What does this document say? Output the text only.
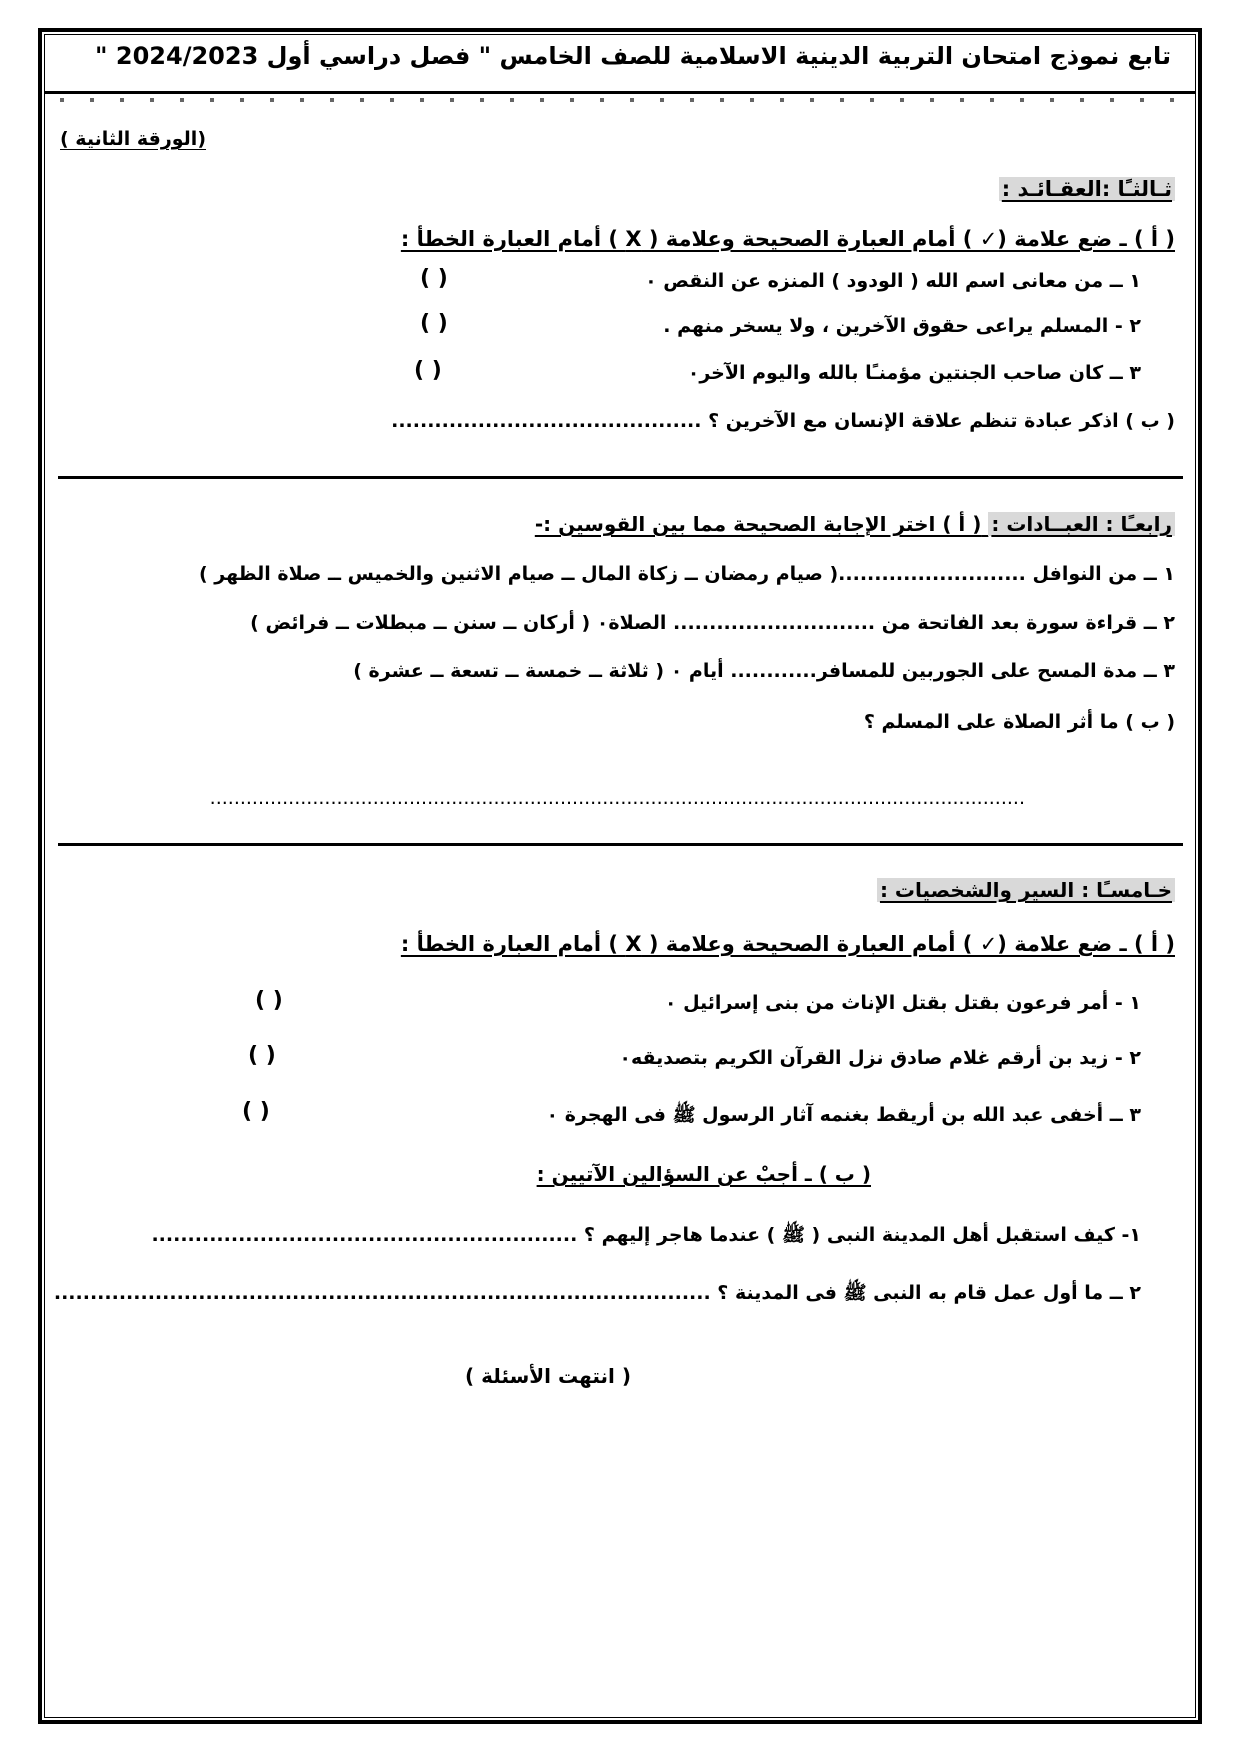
تابع نموذج امتحان التربية الدينية الاسلامية للصف الخامس " فصل دراسي أول 2024/2023 "
(الورقة الثانية )
ثـالثـًا :العقـائـد :
( أ ) ـ ضع علامة (✓ ) أمام العبارة الصحيحة وعلامة ( X ) أمام العبارة الخطأ :
١ ــ من معانى اسم الله ( الودود ) المنزه عن النقص ٠
( )
٢ - المسلم يراعى حقوق الآخرين ، ولا يسخر منهم .
( )
٣ ــ كان صاحب الجنتين مؤمنـًا بالله واليوم الآخر٠
( )
( ب ) اذكر عبادة تنظم علاقة الإنسان مع الآخرين ؟ ...........................................
رابعـًا : العبــادات : ( أ ) اختر الإجابة الصحيحة مما بين القوسين :-
١ ــ من النوافل ..........................( صيام رمضان ــ زكاة المال ــ صيام الاثنين والخميس ــ صلاة الظهر )
٢ ــ قراءة سورة بعد الفاتحة من ............................ الصلاة٠ ( أركان ــ سنن ــ مبطلات ــ فرائض )
٣ ــ مدة المسح على الجوربين للمسافر............ أيام ٠ ( ثلاثة ــ خمسة ــ تسعة ــ عشرة )
( ب ) ما أثر الصلاة على المسلم ؟
.......................................................................................................................................
خـامسـًا : السير والشخصيات :
( أ ) ـ ضع علامة (✓ ) أمام العبارة الصحيحة وعلامة ( X ) أمام العبارة الخطأ :
١ - أمر فرعون بقتل بقتل الإناث من بنى إسرائيل ٠
( )
٢ - زيد بن أرقم غلام صادق نزل القرآن الكريم بتصديقه٠
( )
٣ ــ أخفى عبد الله بن أريقط بغنمه آثار الرسول ﷺ فى الهجرة ٠
( )
( ب ) ـ أجبْ عن السؤالين الآتيين :
١- كيف استقبل أهل المدينة النبى ( ﷺ ) عندما هاجر إليهم ؟ ...........................................................
٢ ــ ما أول عمل قام به النبى ﷺ فى المدينة ؟ ...........................................................................................
( انتهت الأسئلة )
